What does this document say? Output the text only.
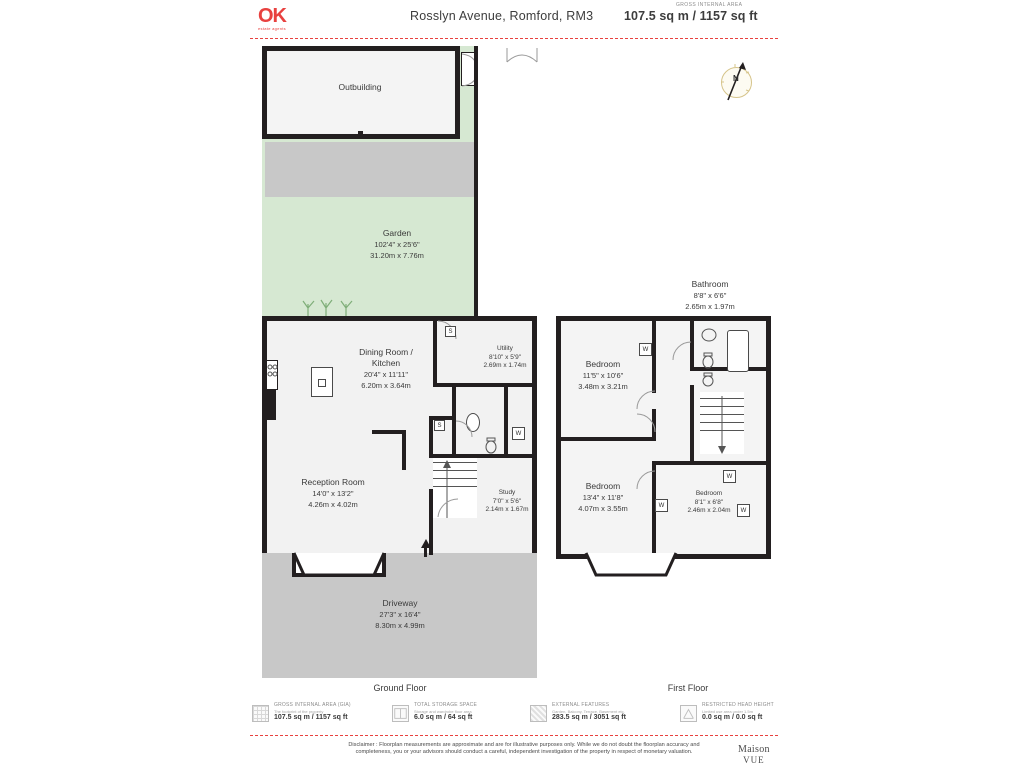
OK
estate agents
Rosslyn Avenue, Romford, RM3
GROSS INTERNAL AREA
107.5 sq m / 1157 sq ft
N
Outbuilding
Garden
102'4" x 25'6"
31.20m x 7.76m
S
S
W
Dining Room /
Kitchen
20'4" x 11'11"
6.20m x 3.64m
Utility
8'10" x 5'9"
2.69m x 1.74m
Reception Room
14'0" x 13'2"
4.26m x 4.02m
Study
7'0" x 5'6"
2.14m x 1.67m
Driveway
27'3" x 16'4"
8.30m x 4.99m
Ground Floor
W
W
W
W
Bathroom
8'8" x 6'6"
2.65m x 1.97m
Bedroom
11'5" x 10'6"
3.48m x 3.21m
Bedroom
13'4" x 11'8"
4.07m x 3.55m
Bedroom
8'1" x 6'8"
2.46m x 2.04m
First Floor
GROSS INTERNAL AREA (GIA)
The footprint of the property
107.5 sq m / 1157 sq ft
TOTAL STORAGE SPACE
Storage and wardrobe floor area
6.0 sq m / 64 sq ft
EXTERNAL FEATURES
Garden, Balcony, Terrace, Basement etc.
283.5 sq m / 3051 sq ft
RESTRICTED HEAD HEIGHT
Limited use area under 1.5m
0.0 sq m / 0.0 sq ft
Disclaimer : Floorplan measurements are approximate and are for illustrative purposes only. While we do not doubt the floorplan accuracy and completeness, you or your advisors should conduct a careful, independent investigation of the property in respect of monetary valuation.	Maison
VUE
